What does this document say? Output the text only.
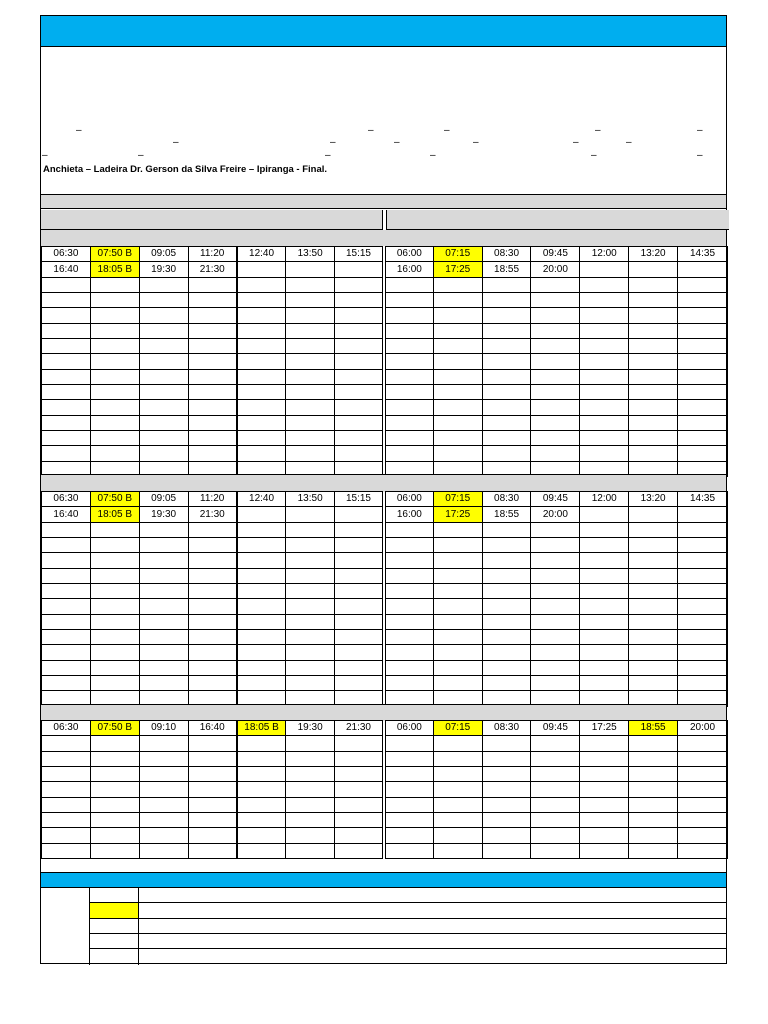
–
–
–	–	–	–
–	–	–	–	–
–	–	–	–	–	–
Anchieta – Ladeira Dr. Gerson da Silva Freire – Ipiranga - Final.
06:30	07:50 B	09:05	11:20	12:40	13:50	15:15	06:00	07:15	08:30	09:45	12:00	13:20	14:35
16:40	18:05 B	19:30	21:30				16:00	17:25	18:55	20:00			

06:30	07:50 B	09:05	11:20	12:40	13:50	15:15	06:00	07:15	08:30	09:45	12:00	13:20	14:35
16:40	18:05 B	19:30	21:30				16:00	17:25	18:55	20:00			

06:30	07:50 B	09:10	16:40	18:05 B	19:30	21:30	06:00	07:15	08:30	09:45	17:25	18:55	20:00
